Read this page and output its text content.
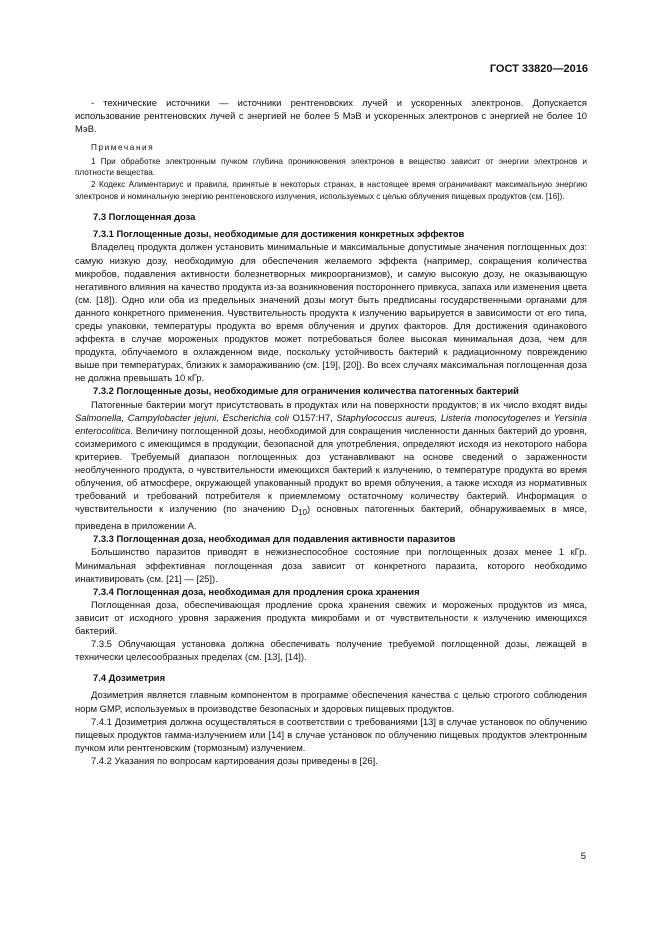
ГОСТ 33820—2016

- технические источники — источники рентгеновских лучей и ускоренных электронов. Допускается использование рентгеновских лучей с энергией не более 5 МэВ и ускоренных электронов с энергией не более 10 МэВ.

Примечания

1 При обработке электронным пучком глубина проникновения электронов в вещество зависит от энергии электронов и плотности вещества.

2 Кодекс Алиментариус и правила, принятые в некоторых странах, в настоящее время ограничивают максимальную энергию электронов и номинальную энергию рентгеновского излучения, используемых с целью облучения пищевых продуктов (см. [16]).

7.3 Поглощенная доза

7.3.1 Поглощенные дозы, необходимые для достижения конкретных эффектов

Владелец продукта должен установить минимальные и максимальные допустимые значения поглощенных доз: самую низкую дозу, необходимую для обеспечения желаемого эффекта (например, сокращения количества микробов, подавления активности болезнетворных микроорганизмов), и самую высокую дозу, не оказывающую негативного влияния на качество продукта из-за возникновения постороннего привкуса, запаха или изменения цвета (см. [18]). Одно или оба из предельных значений дозы могут быть предписаны государственными органами для данного конкретного применения. Чувствительность продукта к излучению варьируется в зависимости от его типа, среды упаковки, температуры продукта во время облучения и других факторов. Для достижения одинакового эффекта в случае мороженых продуктов может потребоваться более высокая минимальная доза, чем для продукта, облучаемого в охлажденном виде, поскольку устойчивость бактерий к радиационному повреждению выше при температурах, близких к замораживанию (см. [19], [20]). Во всех случаях максимальная поглощенная доза не должна превышать 10 кГр.

7.3.2 Поглощенные дозы, необходимые для ограничения количества патогенных бактерий

Патогенные бактерии могут присутствовать в продуктах или на поверхности продуктов; в их число входят виды Salmonella, Campylobacter jejuni, Escherichia coli O157:H7, Staphylococcus aureus, Listeria monocytogenes и Yersinia enterocolitica. Величину поглощенной дозы, необходимой для сокращения численности данных бактерий до уровня, соизмеримого с имеющимся в продукции, безопасной для употребления, определяют исходя из некоторого набора критериев. Требуемый диапазон поглощенных доз устанавливают на основе сведений о зараженности необлученного продукта, о чувствительности имеющихся бактерий к излучению, о температуре продукта во время облучения, об атмосфере, окружающей упакованный продукт во время облучения, а также исходя из нормативных требований и требований потребителя к приемлемому остаточному количеству бактерий. Информация о чувствительности к излучению (по значению $D_{10}$) основных патогенных бактерий, обнаруживаемых в мясе, приведена в приложении А.

7.3.3 Поглощенная доза, необходимая для подавления активности паразитов

Большинство паразитов приводят в нежизнеспособное состояние при поглощенных дозах менее 1 кГр. Минимальная эффективная поглощенная доза зависит от конкретного паразита, которого необходимо инактивировать (см. [21] — [25]).

7.3.4 Поглощенная доза, необходимая для продления срока хранения

Поглощенная доза, обеспечивающая продление срока хранения свежих и мороженых продуктов из мяса, зависит от исходного уровня заражения продукта микробами и от чувствительности к излучению имеющихся бактерий.

7.3.5 Облучающая установка должна обеспечивать получение требуемой поглощенной дозы, лежащей в технически целесообразных пределах (см. [13], [14]).

7.4 Дозиметрия

Дозиметрия является главным компонентом в программе обеспечения качества с целью строгого соблюдения норм GMP, используемых в производстве безопасных и здоровых пищевых продуктов.

7.4.1 Дозиметрия должна осуществляться в соответствии с требованиями [13] в случае установок по облучению пищевых продуктов гамма-излучением или [14] в случае установок по облучению пищевых продуктов электронным пучком или рентгеновским (тормозным) излучением.

7.4.2 Указания по вопросам картирования дозы приведены в [26].

5
